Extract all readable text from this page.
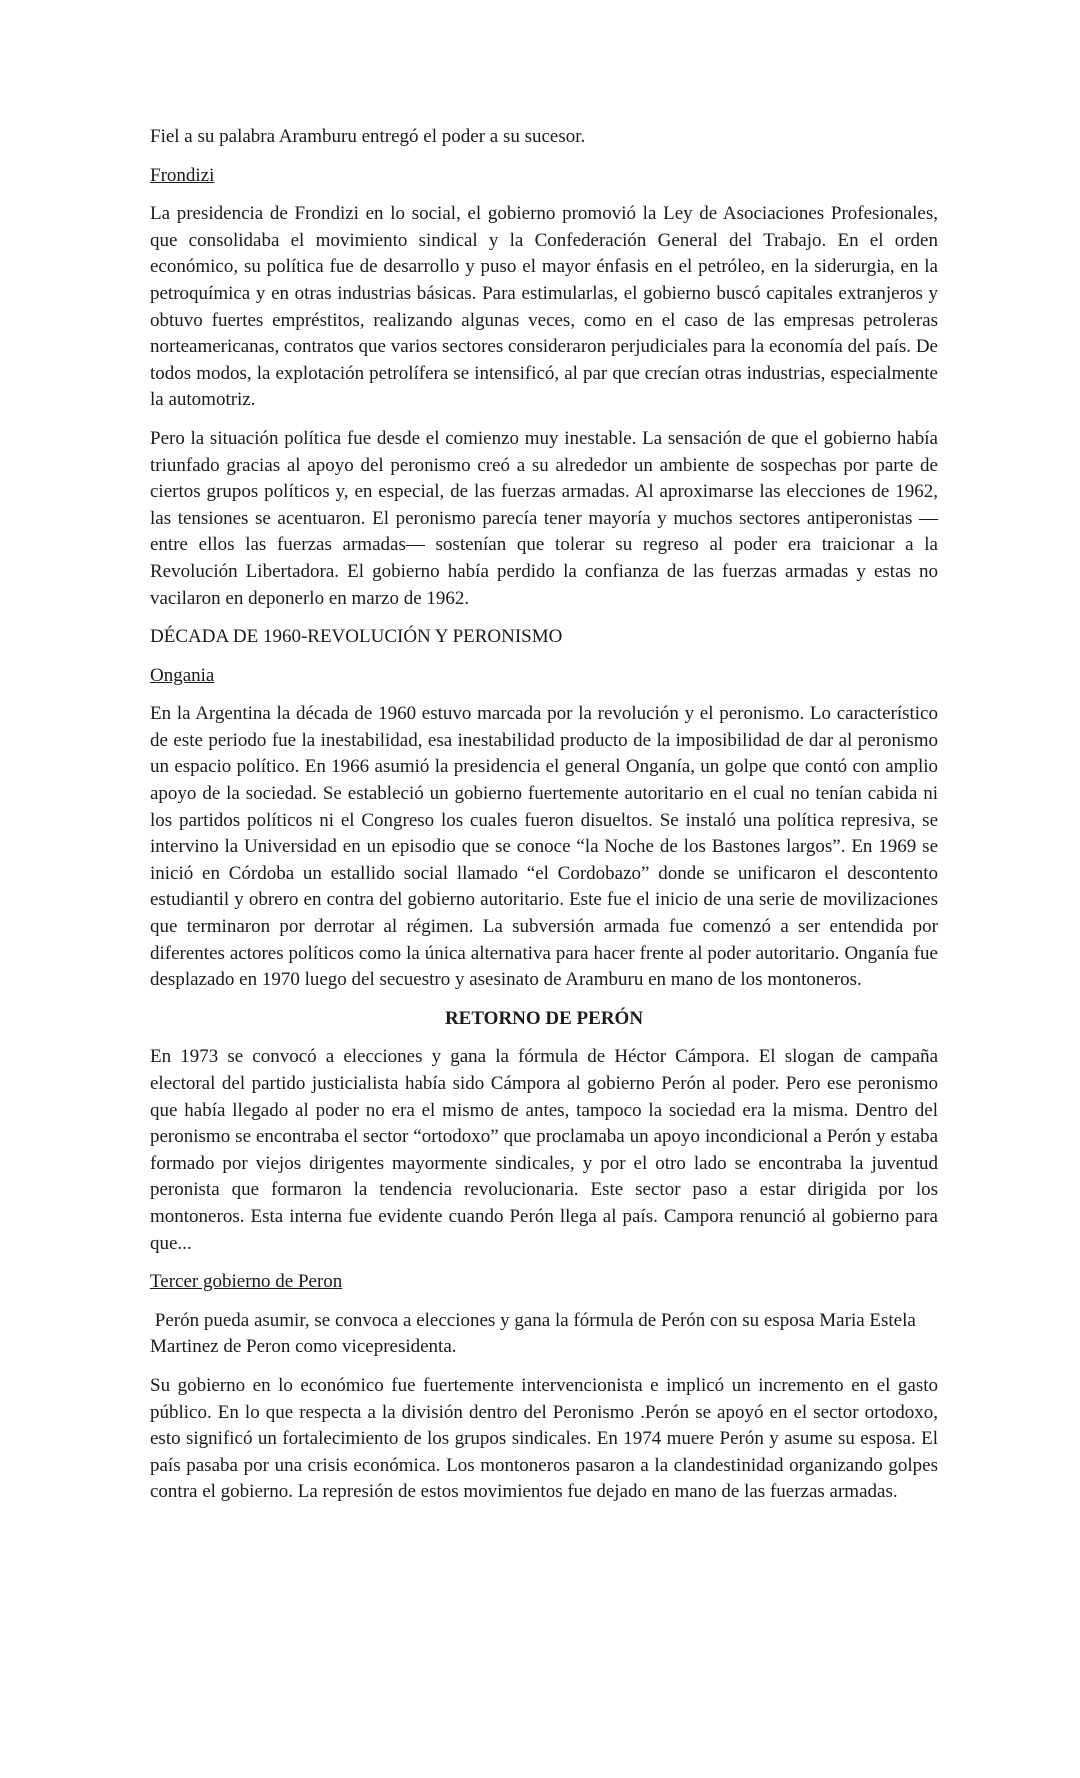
Fiel a su palabra Aramburu entregó el poder a su sucesor.

Frondizi

La presidencia de Frondizi en lo social, el gobierno promovió la Ley de Asociaciones Profesionales, que consolidaba el movimiento sindical y la Confederación General del Trabajo. En el orden económico, su política fue de desarrollo y puso el mayor énfasis en el petróleo, en la siderurgia, en la petroquímica y en otras industrias básicas. Para estimularlas, el gobierno buscó capitales extranjeros y obtuvo fuertes empréstitos, realizando algunas veces, como en el caso de las empresas petroleras norteamericanas, contratos que varios sectores consideraron perjudiciales para la economía del país. De todos modos, la explotación petrolífera se intensificó, al par que crecían otras industrias, especialmente la automotriz.

Pero la situación política fue desde el comienzo muy inestable. La sensación de que el gobierno había triunfado gracias al apoyo del peronismo creó a su alrededor un ambiente de sospechas por parte de ciertos grupos políticos y, en especial, de las fuerzas armadas. Al aproximarse las elecciones de 1962, las tensiones se acentuaron. El peronismo parecía tener mayoría y muchos sectores antiperonistas —entre ellos las fuerzas armadas— sostenían que tolerar su regreso al poder era traicionar a la Revolución Libertadora. El gobierno había perdido la confianza de las fuerzas armadas y estas no vacilaron en deponerlo en marzo de 1962.

DÉCADA DE 1960-REVOLUCIÓN Y PERONISMO
Ongania

En la Argentina la década de 1960 estuvo marcada por la revolución y el peronismo. Lo característico de este periodo fue la inestabilidad, esa inestabilidad producto de la imposibilidad de dar al peronismo un espacio político. En 1966 asumió la presidencia el general Onganía, un golpe que contó con amplio apoyo de la sociedad. Se estableció un gobierno fuertemente autoritario en el cual no tenían cabida ni los partidos políticos ni el Congreso los cuales fueron disueltos. Se instaló una política represiva, se intervino la Universidad en un episodio que se conoce “la Noche de los Bastones largos”. En 1969 se inició en Córdoba un estallido social llamado “el Cordobazo” donde se unificaron el descontento estudiantil y obrero en contra del gobierno autoritario. Este fue el inicio de una serie de movilizaciones que terminaron por derrotar al régimen. La subversión armada fue comenzó a ser entendida por diferentes actores políticos como la única alternativa para hacer frente al poder autoritario. Onganía fue desplazado en 1970 luego del secuestro y asesinato de Aramburu en mano de los montoneros.

RETORNO DE PERÓN

En 1973 se convocó a elecciones y gana la fórmula de Héctor Cámpora. El slogan de campaña electoral del partido justicialista había sido Cámpora al gobierno Perón al poder. Pero ese peronismo que había llegado al poder no era el mismo de antes, tampoco la sociedad era la misma. Dentro del peronismo se encontraba el sector “ortodoxo” que proclamaba un apoyo incondicional a Perón y estaba formado por viejos dirigentes mayormente sindicales, y por el otro lado se encontraba la juventud peronista que formaron la tendencia revolucionaria. Este sector paso a estar dirigida por los montoneros. Esta interna fue evidente cuando Perón llega al país. Campora renunció al gobierno para que...

Tercer gobierno de Peron

Perón pueda asumir, se convoca a elecciones y gana la fórmula de Perón con su esposa Maria Estela Martinez de Peron como vicepresidenta.

Su gobierno en lo económico fue fuertemente intervencionista e implicó un incremento en el gasto público. En lo que respecta a la división dentro del Peronismo .Perón se apoyó en el sector ortodoxo, esto significó un fortalecimiento de los grupos sindicales. En 1974 muere Perón y asume su esposa. El país pasaba por una crisis económica. Los montoneros pasaron a la clandestinidad organizando golpes contra el gobierno. La represión de estos movimientos fue dejado en mano de las fuerzas armadas.
